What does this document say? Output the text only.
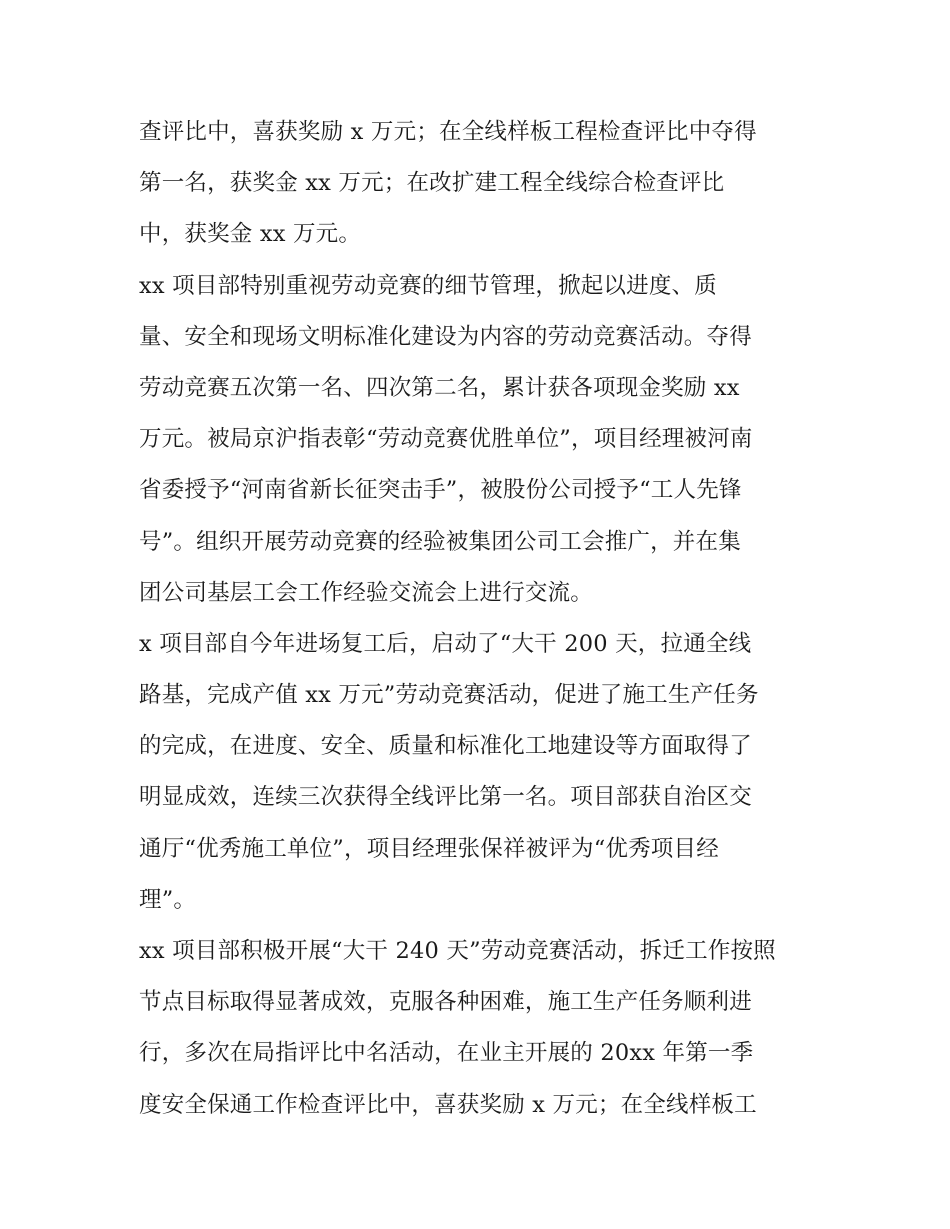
查评比中，喜获奖励 x 万元；在全线样板工程检查评比中夺得
第一名，获奖金 xx 万元；在改扩建工程全线综合检查评比
中，获奖金 xx 万元。
xx 项目部特别重视劳动竞赛的细节管理，掀起以进度、质
量、安全和现场文明标准化建设为内容的劳动竞赛活动。夺得
劳动竞赛五次第一名、四次第二名，累计获各项现金奖励 xx
万元。被局京沪指表彰“劳动竞赛优胜单位”，项目经理被河南
省委授予“河南省新长征突击手”，被股份公司授予“工人先锋
号”。组织开展劳动竞赛的经验被集团公司工会推广，并在集
团公司基层工会工作经验交流会上进行交流。
x 项目部自今年进场复工后，启动了“大干 200 天，拉通全线
路基，完成产值 xx 万元”劳动竞赛活动，促进了施工生产任务
的完成，在进度、安全、质量和标准化工地建设等方面取得了
明显成效，连续三次获得全线评比第一名。项目部获自治区交
通厅“优秀施工单位”，项目经理张保祥被评为“优秀项目经
理”。
xx 项目部积极开展“大干 240 天”劳动竞赛活动，拆迁工作按照
节点目标取得显著成效，克服各种困难，施工生产任务顺利进
行，多次在局指评比中名活动，在业主开展的 20xx 年第一季
度安全保通工作检查评比中，喜获奖励 x 万元；在全线样板工
